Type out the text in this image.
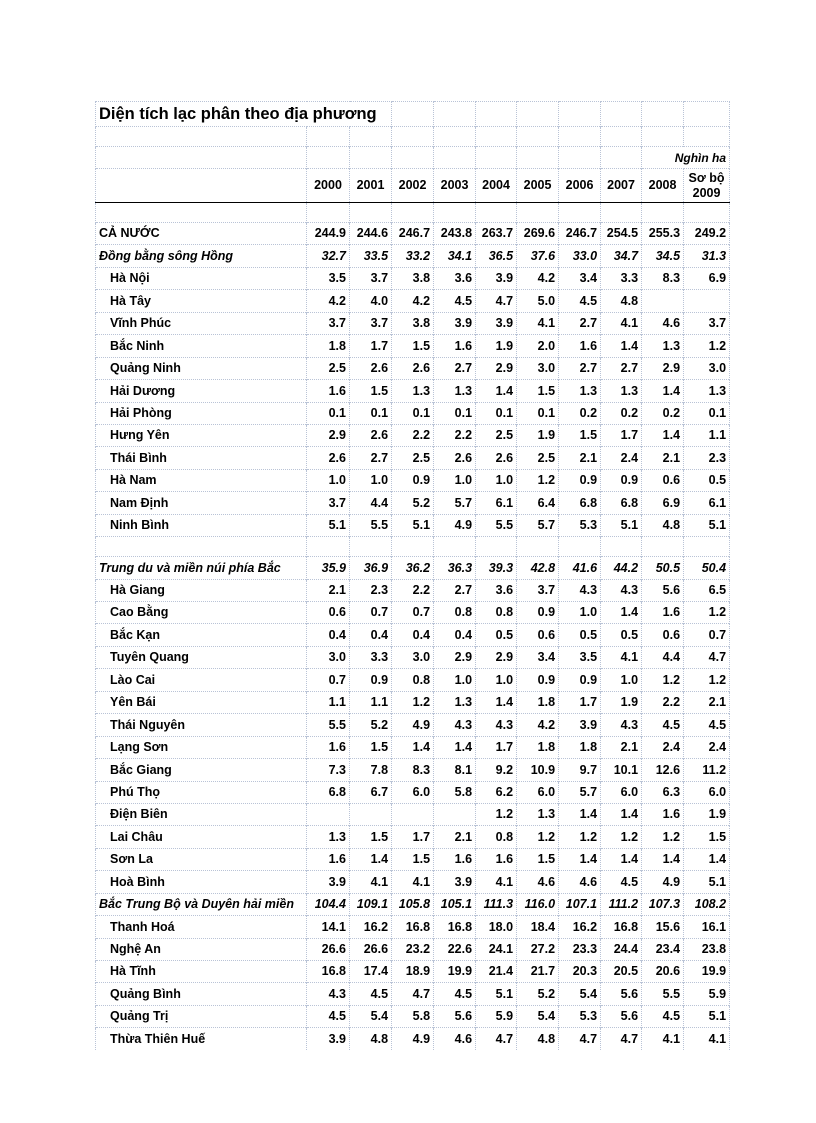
Diện tích lạc phân theo địa phương										

									Nghìn ha	
	2000	2001	2002	2003	2004	2005	2006	2007	2008	Sơ bộ
2009

CẢ NƯỚC	244.9	244.6	246.7	243.8	263.7	269.6	246.7	254.5	255.3	249.2
Đồng bằng sông Hồng	32.7	33.5	33.2	34.1	36.5	37.6	33.0	34.7	34.5	31.3
Hà Nội	3.5	3.7	3.8	3.6	3.9	4.2	3.4	3.3	8.3	6.9
Hà Tây	4.2	4.0	4.2	4.5	4.7	5.0	4.5	4.8		
Vĩnh Phúc	3.7	3.7	3.8	3.9	3.9	4.1	2.7	4.1	4.6	3.7
Bắc Ninh	1.8	1.7	1.5	1.6	1.9	2.0	1.6	1.4	1.3	1.2
Quảng Ninh	2.5	2.6	2.6	2.7	2.9	3.0	2.7	2.7	2.9	3.0
Hải Dương	1.6	1.5	1.3	1.3	1.4	1.5	1.3	1.3	1.4	1.3
Hải Phòng	0.1	0.1	0.1	0.1	0.1	0.1	0.2	0.2	0.2	0.1
Hưng Yên	2.9	2.6	2.2	2.2	2.5	1.9	1.5	1.7	1.4	1.1
Thái Bình	2.6	2.7	2.5	2.6	2.6	2.5	2.1	2.4	2.1	2.3
Hà Nam	1.0	1.0	0.9	1.0	1.0	1.2	0.9	0.9	0.6	0.5
Nam Định	3.7	4.4	5.2	5.7	6.1	6.4	6.8	6.8	6.9	6.1
Ninh Bình	5.1	5.5	5.1	4.9	5.5	5.7	5.3	5.1	4.8	5.1

Trung du và miền núi phía Bắc	35.9	36.9	36.2	36.3	39.3	42.8	41.6	44.2	50.5	50.4
Hà Giang	2.1	2.3	2.2	2.7	3.6	3.7	4.3	4.3	5.6	6.5
Cao Bằng	0.6	0.7	0.7	0.8	0.8	0.9	1.0	1.4	1.6	1.2
Bắc Kạn	0.4	0.4	0.4	0.4	0.5	0.6	0.5	0.5	0.6	0.7
Tuyên Quang	3.0	3.3	3.0	2.9	2.9	3.4	3.5	4.1	4.4	4.7
Lào Cai	0.7	0.9	0.8	1.0	1.0	0.9	0.9	1.0	1.2	1.2
Yên Bái	1.1	1.1	1.2	1.3	1.4	1.8	1.7	1.9	2.2	2.1
Thái Nguyên	5.5	5.2	4.9	4.3	4.3	4.2	3.9	4.3	4.5	4.5
Lạng Sơn	1.6	1.5	1.4	1.4	1.7	1.8	1.8	2.1	2.4	2.4
Bắc Giang	7.3	7.8	8.3	8.1	9.2	10.9	9.7	10.1	12.6	11.2
Phú Thọ	6.8	6.7	6.0	5.8	6.2	6.0	5.7	6.0	6.3	6.0
Điện Biên					1.2	1.3	1.4	1.4	1.6	1.9
Lai Châu	1.3	1.5	1.7	2.1	0.8	1.2	1.2	1.2	1.2	1.5
Sơn La	1.6	1.4	1.5	1.6	1.6	1.5	1.4	1.4	1.4	1.4
Hoà Bình	3.9	4.1	4.1	3.9	4.1	4.6	4.6	4.5	4.9	5.1
Bắc Trung Bộ và Duyên hải miền	104.4	109.1	105.8	105.1	111.3	116.0	107.1	111.2	107.3	108.2
Thanh Hoá	14.1	16.2	16.8	16.8	18.0	18.4	16.2	16.8	15.6	16.1
Nghệ An	26.6	26.6	23.2	22.6	24.1	27.2	23.3	24.4	23.4	23.8
Hà Tĩnh	16.8	17.4	18.9	19.9	21.4	21.7	20.3	20.5	20.6	19.9
Quảng Bình	4.3	4.5	4.7	4.5	5.1	5.2	5.4	5.6	5.5	5.9
Quảng Trị	4.5	5.4	5.8	5.6	5.9	5.4	5.3	5.6	4.5	5.1
Thừa Thiên Huế	3.9	4.8	4.9	4.6	4.7	4.8	4.7	4.7	4.1	4.1
